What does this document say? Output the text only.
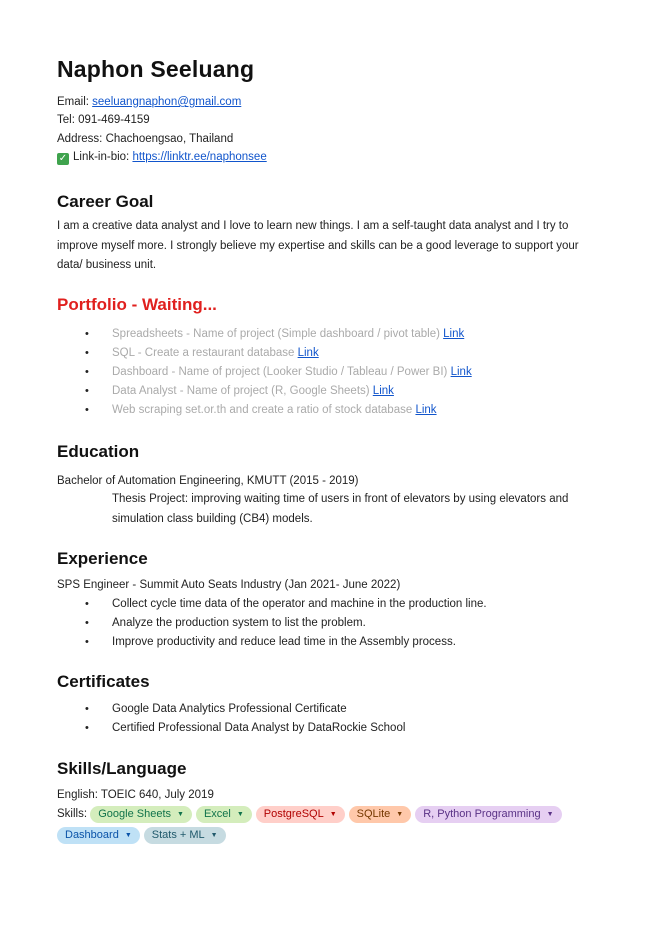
Naphon Seeluang
Email: seeluangnaphon@gmail.com
Tel: 091-469-4159
Address: Chachoengsao, Thailand
✓ Link-in-bio: https://linktr.ee/naphonsee
Career Goal
I am a creative data analyst and I love to learn new things. I am a self-taught data analyst and I try to improve myself more. I strongly believe my expertise and skills can be a good leverage to support your data/ business unit.
Portfolio - Waiting...
• Spreadsheets - Name of project (Simple dashboard / pivot table) Link
• SQL - Create a restaurant database Link
• Dashboard - Name of project (Looker Studio / Tableau / Power BI) Link
• Data Analyst - Name of project (R, Google Sheets) Link
• Web scraping set.or.th and create a ratio of stock database Link
Education
Bachelor of Automation Engineering, KMUTT (2015 - 2019)
Thesis Project: improving waiting time of users in front of elevators by using elevators and simulation class building (CB4) models.
Experience
SPS Engineer - Summit Auto Seats Industry (Jan 2021- June 2022)
• Collect cycle time data of the operator and machine in the production line.
• Analyze the production system to list the problem.
• Improve productivity and reduce lead time in the Assembly process.
Certificates
• Google Data Analytics Professional Certificate
• Certified Professional Data Analyst by DataRockie School
Skills/Language
English: TOEIC 640, July 2019
Skills: Google Sheets ▼ Excel ▼ PostgreSQL ▼ SQLite ▼ R, Python Programming ▼
Dashboard ▼ Stats + ML ▼
